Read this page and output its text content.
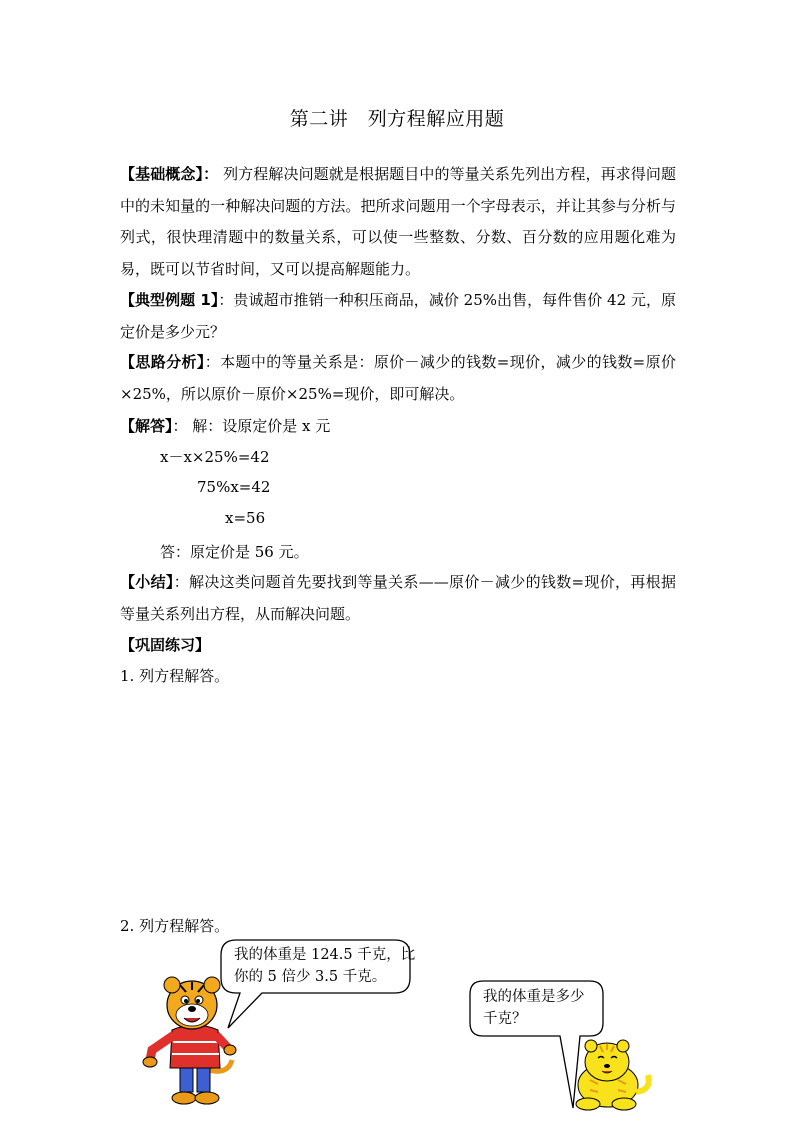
第二讲　列方程解应用题

【基础概念】： 列方程解决问题就是根据题目中的等量关系先列出方程，再求得问题中的未知量的一种解决问题的方法。把所求问题用一个字母表示，并让其参与分析与列式，很快理清题中的数量关系，可以使一些整数、分数、百分数的应用题化难为易，既可以节省时间，又可以提高解题能力。

【典型例题 1】：贵诚超市推销一种积压商品，减价 25%出售，每件售价 42 元，原定价是多少元？

【思路分析】：本题中的等量关系是：原价－减少的钱数=现价，减少的钱数=原价×25%，所以原价－原价×25%=现价，即可解决。

【解答】： 解：设原定价是 x 元
x－x×25%=42
75%x=42
x=56
答：原定价是 56 元。

【小结】：解决这类问题首先要找到等量关系——原价－减少的钱数=现价，再根据等量关系列出方程，从而解决问题。

【巩固练习】
1. 列方程解答。
2. 列方程解答。
我的体重是 124.5 千克，比
你的 5 倍少 3.5 千克。
我的体重是多少
千克？
